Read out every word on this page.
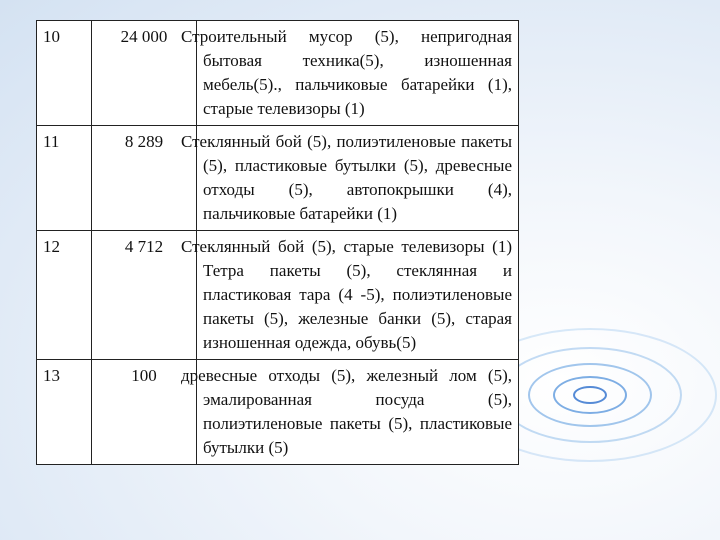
10	24 000	Строительный мусор (5), непригодная бытовая техника(5), изношенная мебель(5)., пальчиковые батарейки (1), старые телевизоры (1)
11	8 289	Стеклянный бой (5), полиэтиленовые пакеты (5), пластиковые бутылки (5), древесные отходы (5), автопокрышки (4), пальчиковые батарейки (1)
12	4 712	Стеклянный бой (5), старые телевизоры (1) Тетра пакеты (5), стеклянная и пластиковая тара (4 -5), полиэтиленовые пакеты (5), железные банки (5), старая изношенная одежда, обувь(5)
13	100	древесные отходы (5), железный лом (5), эмалированная посуда (5), полиэтиленовые пакеты (5), пластиковые бутылки (5)
